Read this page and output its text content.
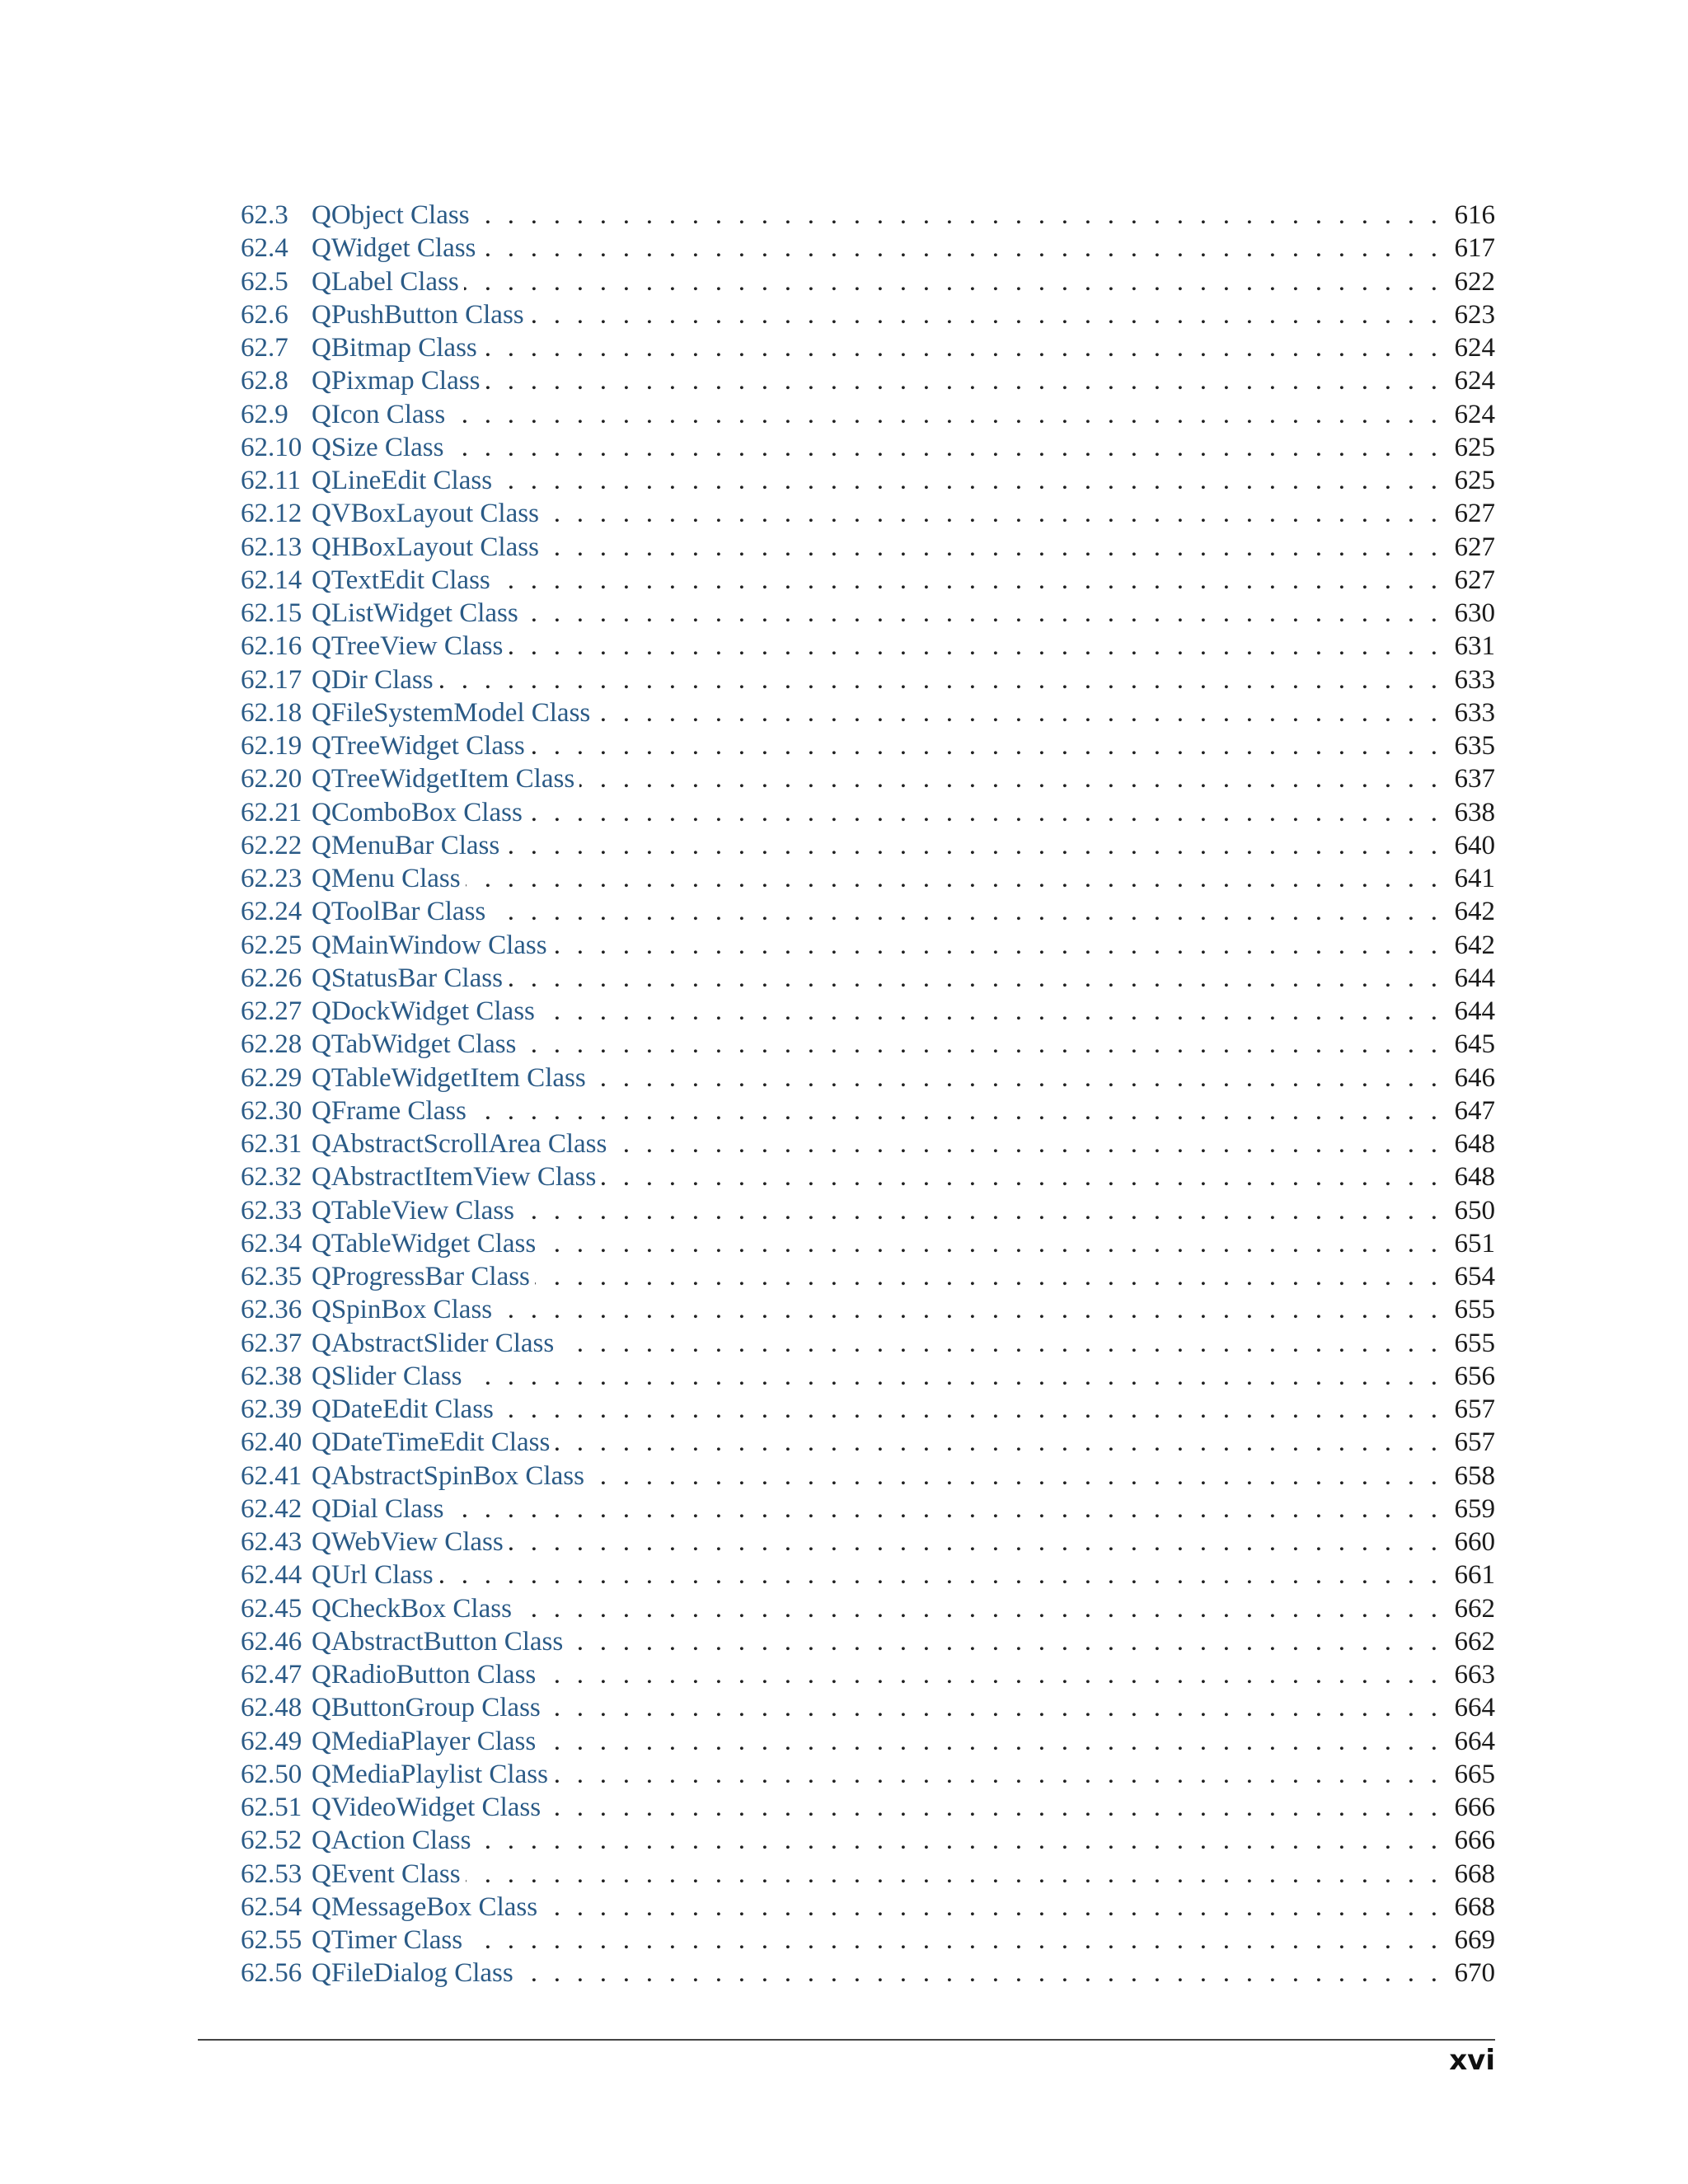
62.3 QObject Class . . .	616
62.4 QWidget Class . . .	617
62.5 QLabel Class . . .	622
62.6 QPushButton Class . . .	623
62.7 QBitmap Class . . .	624
62.8 QPixmap Class . . .	624
62.9 QIcon Class . . .	624
62.10 QSize Class . . .	625
62.11 QLineEdit Class . . .	625
62.12 QVBoxLayout Class . . .	627
62.13 QHBoxLayout Class . . .	627
62.14 QTextEdit Class . . .	627
62.15 QListWidget Class . . .	630
62.16 QTreeView Class . . .	631
62.17 QDir Class . . .	633
62.18 QFileSystemModel Class . . .	633
62.19 QTreeWidget Class . . .	635
62.20 QTreeWidgetItem Class . . .	637
62.21 QComboBox Class . . .	638
62.22 QMenuBar Class . . .	640
62.23 QMenu Class . . .	641
62.24 QToolBar Class . . .	642
62.25 QMainWindow Class . . .	642
62.26 QStatusBar Class . . .	644
62.27 QDockWidget Class . . .	644
62.28 QTabWidget Class . . .	645
62.29 QTableWidgetItem Class . . .	646
62.30 QFrame Class . . .	647
62.31 QAbstractScrollArea Class . . .	648
62.32 QAbstractItemView Class . . .	648
62.33 QTableView Class . . .	650
62.34 QTableWidget Class . . .	651
62.35 QProgressBar Class . . .	654
62.36 QSpinBox Class . . .	655
62.37 QAbstractSlider Class . . .	655
62.38 QSlider Class . . .	656
62.39 QDateEdit Class . . .	657
62.40 QDateTimeEdit Class . . .	657
62.41 QAbstractSpinBox Class . . .	658
62.42 QDial Class . . .	659
62.43 QWebView Class . . .	660
62.44 QUrl Class . . .	661
62.45 QCheckBox Class . . .	662
62.46 QAbstractButton Class . . .	662
62.47 QRadioButton Class . . .	663
62.48 QButtonGroup Class . . .	664
62.49 QMediaPlayer Class . . .	664
62.50 QMediaPlaylist Class . . .	665
62.51 QVideoWidget Class . . .	666
62.52 QAction Class . . .	666
62.53 QEvent Class . . .	668
62.54 QMessageBox Class . . .	668
62.55 QTimer Class . . .	669
62.56 QFileDialog Class . . .	670
xvi
